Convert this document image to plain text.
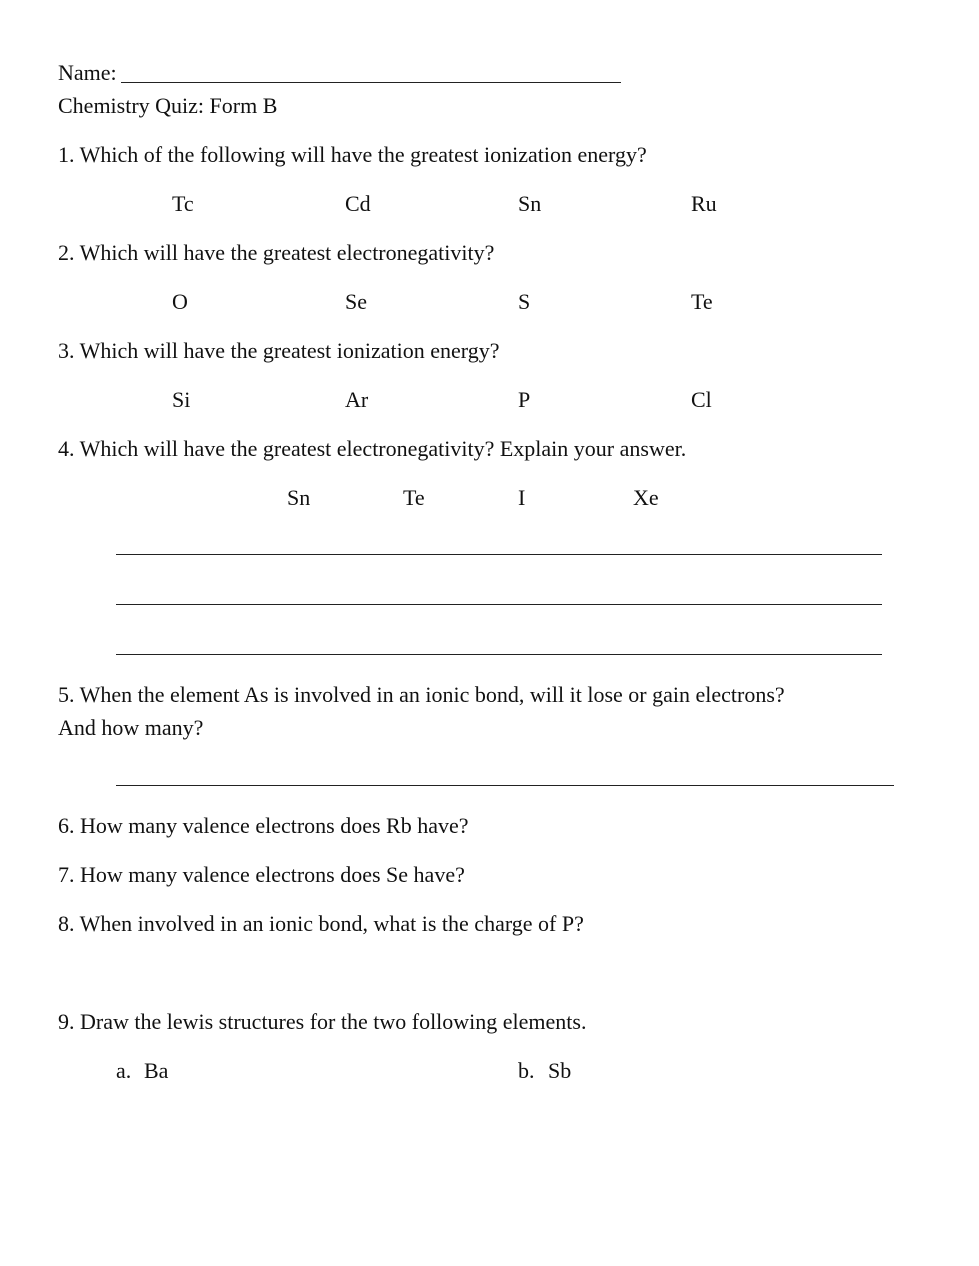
Name:
Chemistry Quiz: Form B
1. Which of the following will have the greatest ionization energy?
Tc	Cd	Sn	Ru
2. Which will have the greatest electronegativity?
O	Se	S	Te
3. Which will have the greatest ionization energy?
Si	Ar	P	Cl
4. Which will have the greatest electronegativity? Explain your answer.
Sn	Te	I	Xe
5. When the element As is involved in an ionic bond, will it lose or gain electrons?
And how many?
6. How many valence electrons does Rb have?
7. How many valence electrons does Se have?
8. When involved in an ionic bond, what is the charge of P?
9. Draw the lewis structures for the two following elements.
a. Ba	b. Sb
